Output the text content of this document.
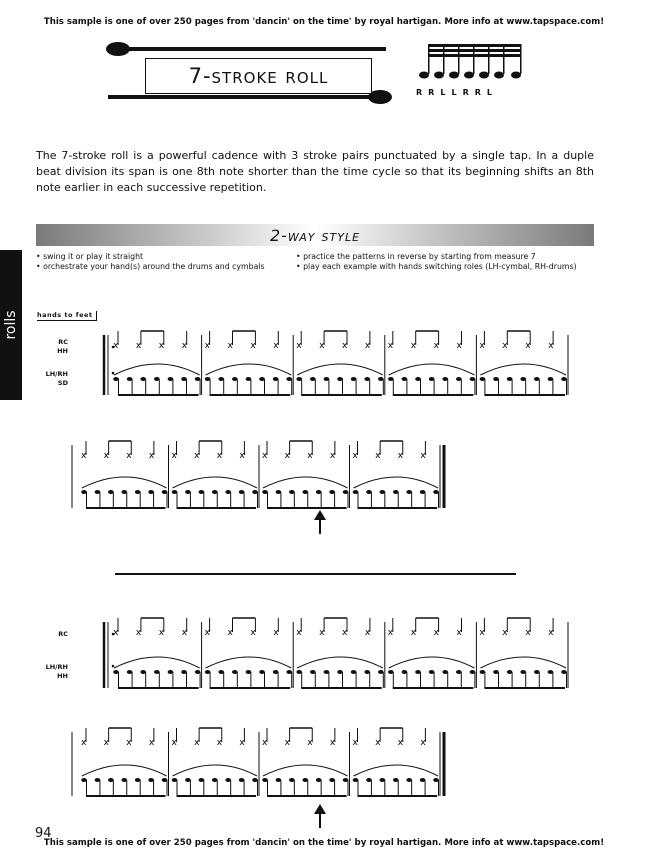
This sample is one of over 250 pages from 'dancin' on the time' by royal hartigan. More info at www.tapspace.com!
R R L L R R L
7-stroke roll

The 7-stroke roll is a powerful cadence with 3 stroke pairs punctuated by a single tap. In a duple beat division its span is one 8th note shorter than the time cycle so that its beginning shifts an 8th note earlier in each successive repetition.

2-way style
• swing it or play it straight
• orchestrate your hand(s) around the drums and cymbals
• practice the patterns in reverse by starting from measure 7
• play each example with hands switching roles (LH-cymbal, RH-drums)
rolls	hands to feet
RC
HH
LH/RH
SD
RC
LH/RH
HH
x x x x x x x x x x x x x x x x x x x x
x x x x x x x x x x x x x x x x
x x x x x x x x x x x x x x x x x x x x
x x x x x x x x x x x x x x x x
This sample is one of over 250 pages from 'dancin' on the time' by royal hartigan. More info at www.tapspace.com!
94
